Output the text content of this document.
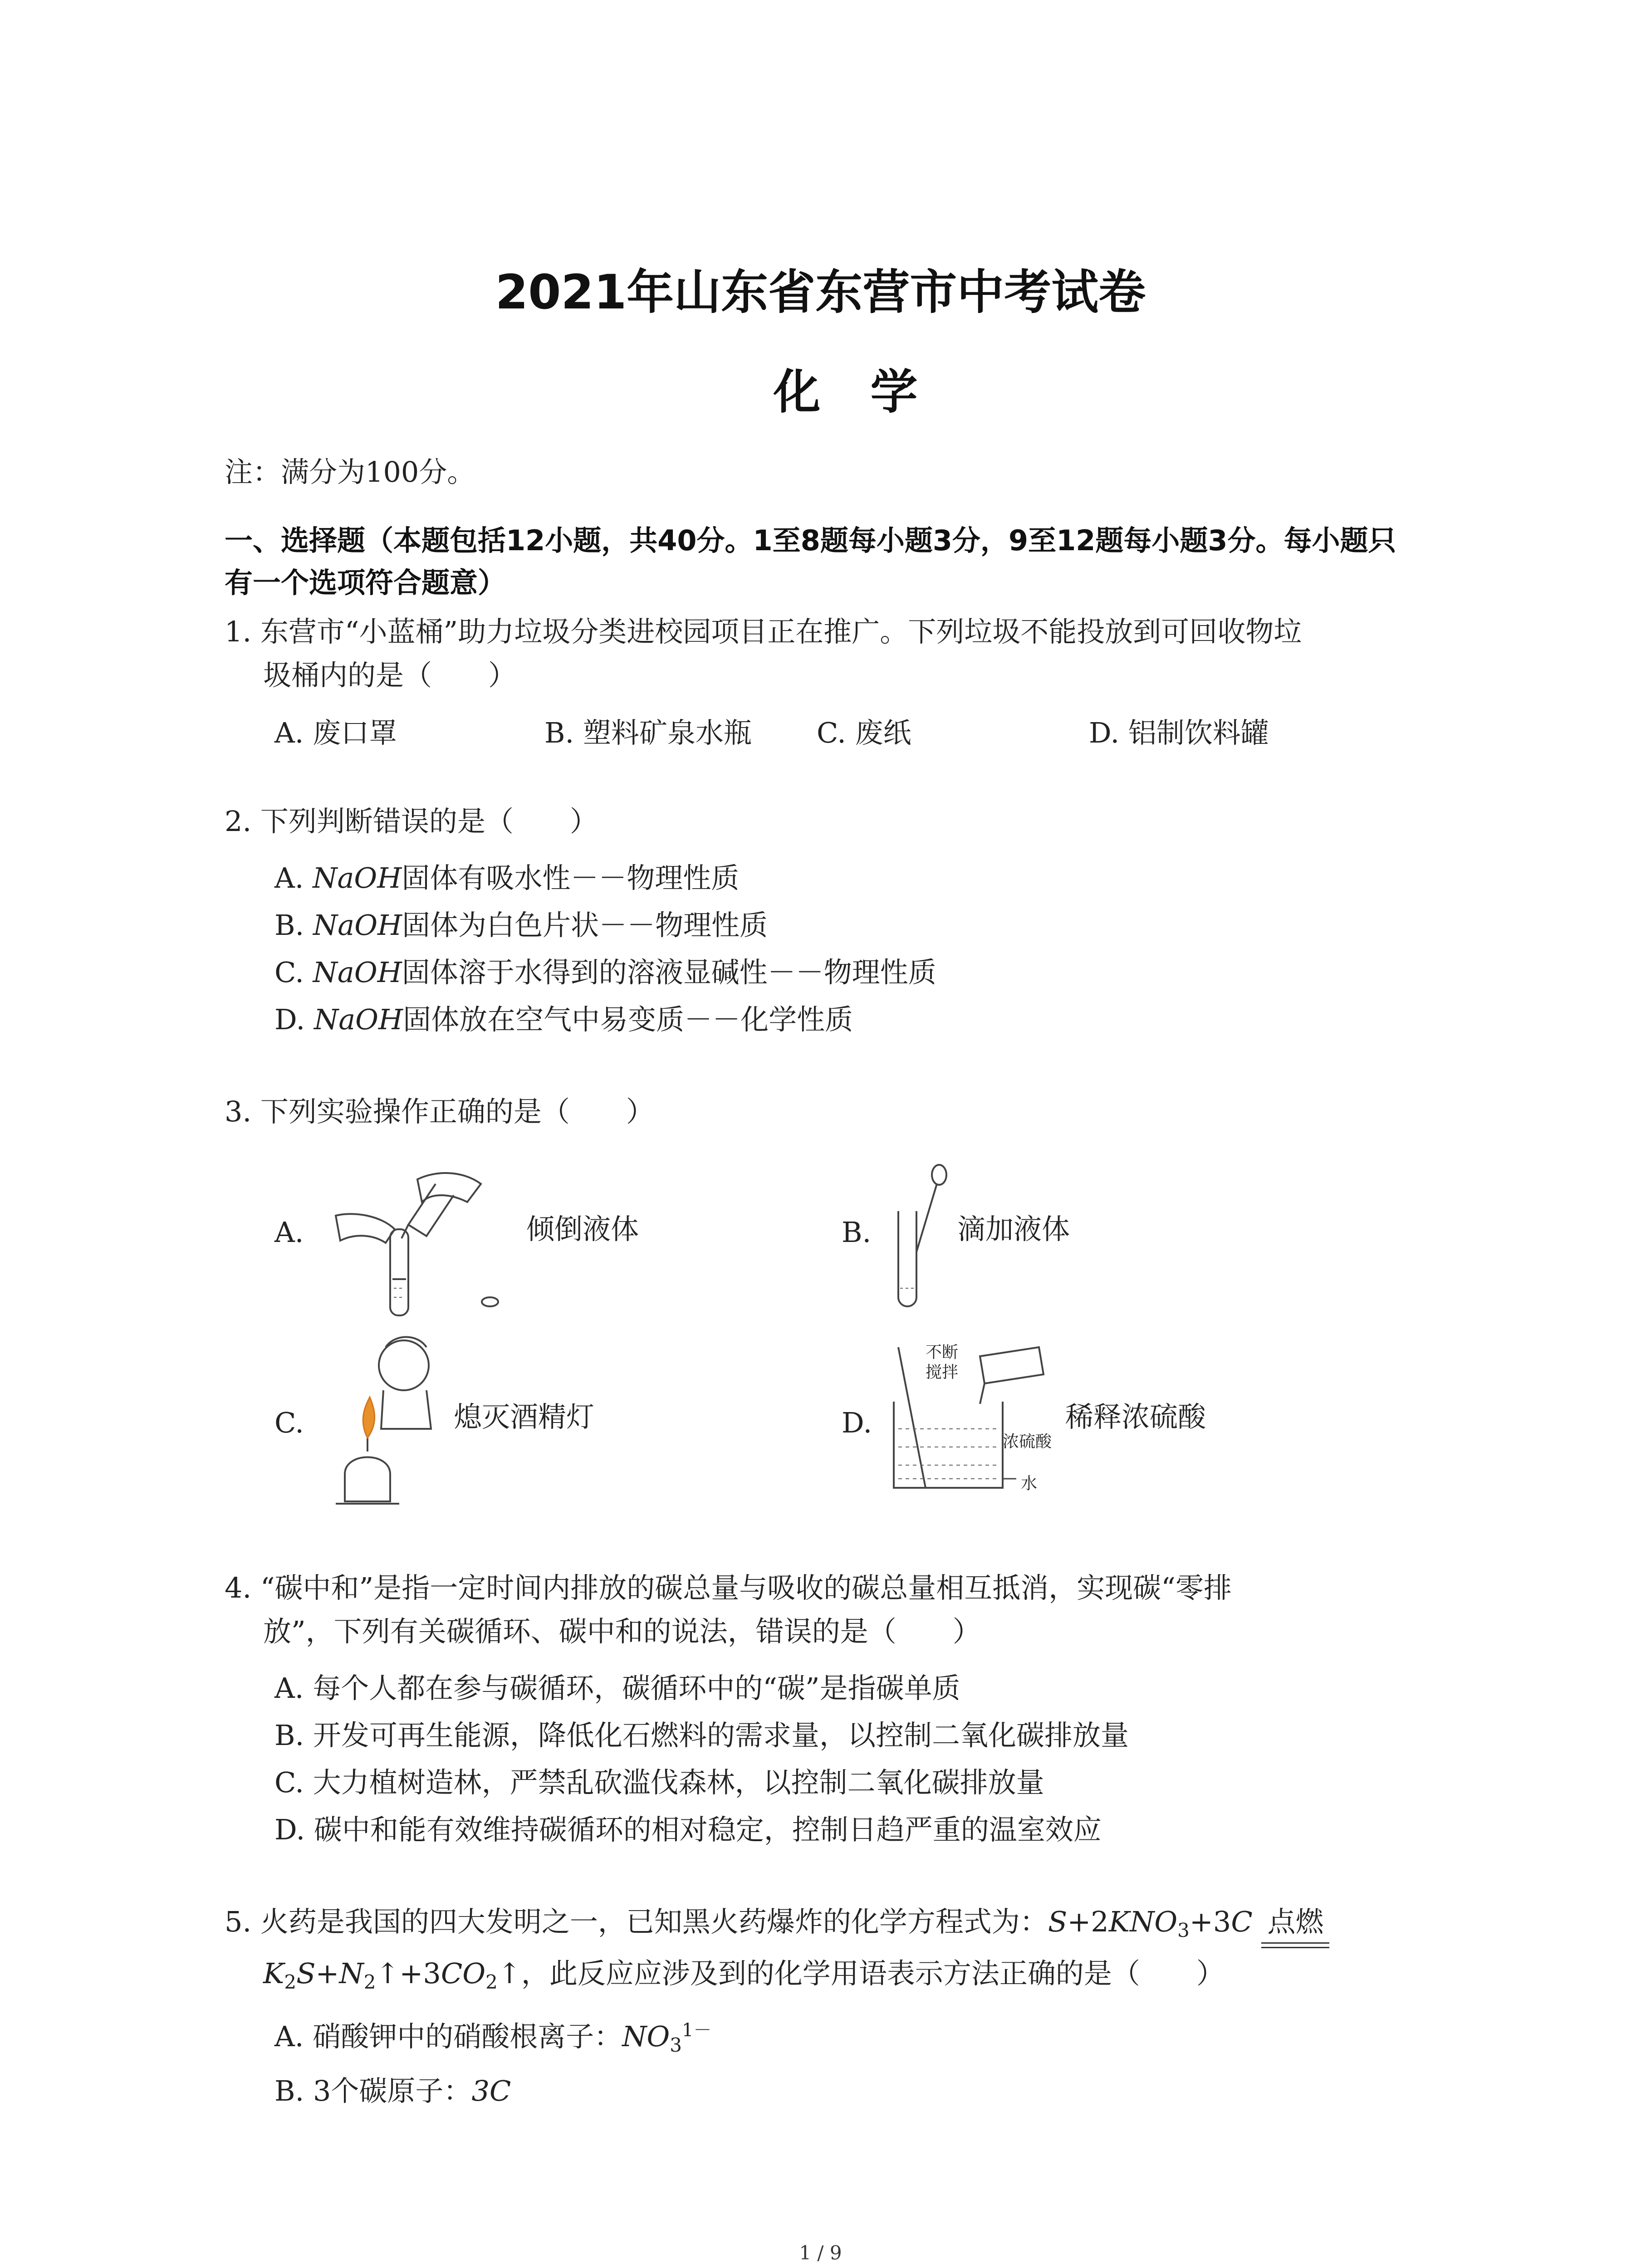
2021年山东省东营市中考试卷
化学
注：满分为100分。
一、选择题（本题包括12小题，共40分。1至8题每小题3分，9至12题每小题3分。每小题只
有一个选项符合题意）
1. 东营市“小蓝桶”助力垃圾分类进校园项目正在推广。下列垃圾不能投放到可回收物垃
圾桶内的是（　　）
A. 废口罩	B. 塑料矿泉水瓶 C. 废纸	D. 铝制饮料罐
2. 下列判断错误的是（　　）
A. NaOH固体有吸水性－－物理性质
B. NaOH固体为白色片状－－物理性质
C. NaOH固体溶于水得到的溶液显碱性－－物理性质
D. NaOH固体放在空气中易变质－－化学性质
3. 下列实验操作正确的是（　　）
A.	倾倒液体	B.	滴加液体
C.	熄灭酒精灯	D.
不断
搅拌
浓硫酸
水
稀释浓硫酸
4. “碳中和”是指一定时间内排放的碳总量与吸收的碳总量相互抵消，实现碳“零排
放”，下列有关碳循环、碳中和的说法，错误的是（　　）
A. 每个人都在参与碳循环，碳循环中的“碳”是指碳单质
B. 开发可再生能源，降低化石燃料的需求量，以控制二氧化碳排放量
C. 大力植树造林，严禁乱砍滥伐森林，以控制二氧化碳排放量
D. 碳中和能有效维持碳循环的相对稳定，控制日趋严重的温室效应
5. 火药是我国的四大发明之一，已知黑火药爆炸的化学方程式为：$S+2KNO_3+3C$ 点燃
$K_2S+N_2↑+3CO_2↑$，此反应应涉及到的化学用语表示方法正确的是（　　）
A. 硝酸钾中的硝酸根离子：$NO_3^{1-}$
B. 3个碳原子：3C
1 / 9
